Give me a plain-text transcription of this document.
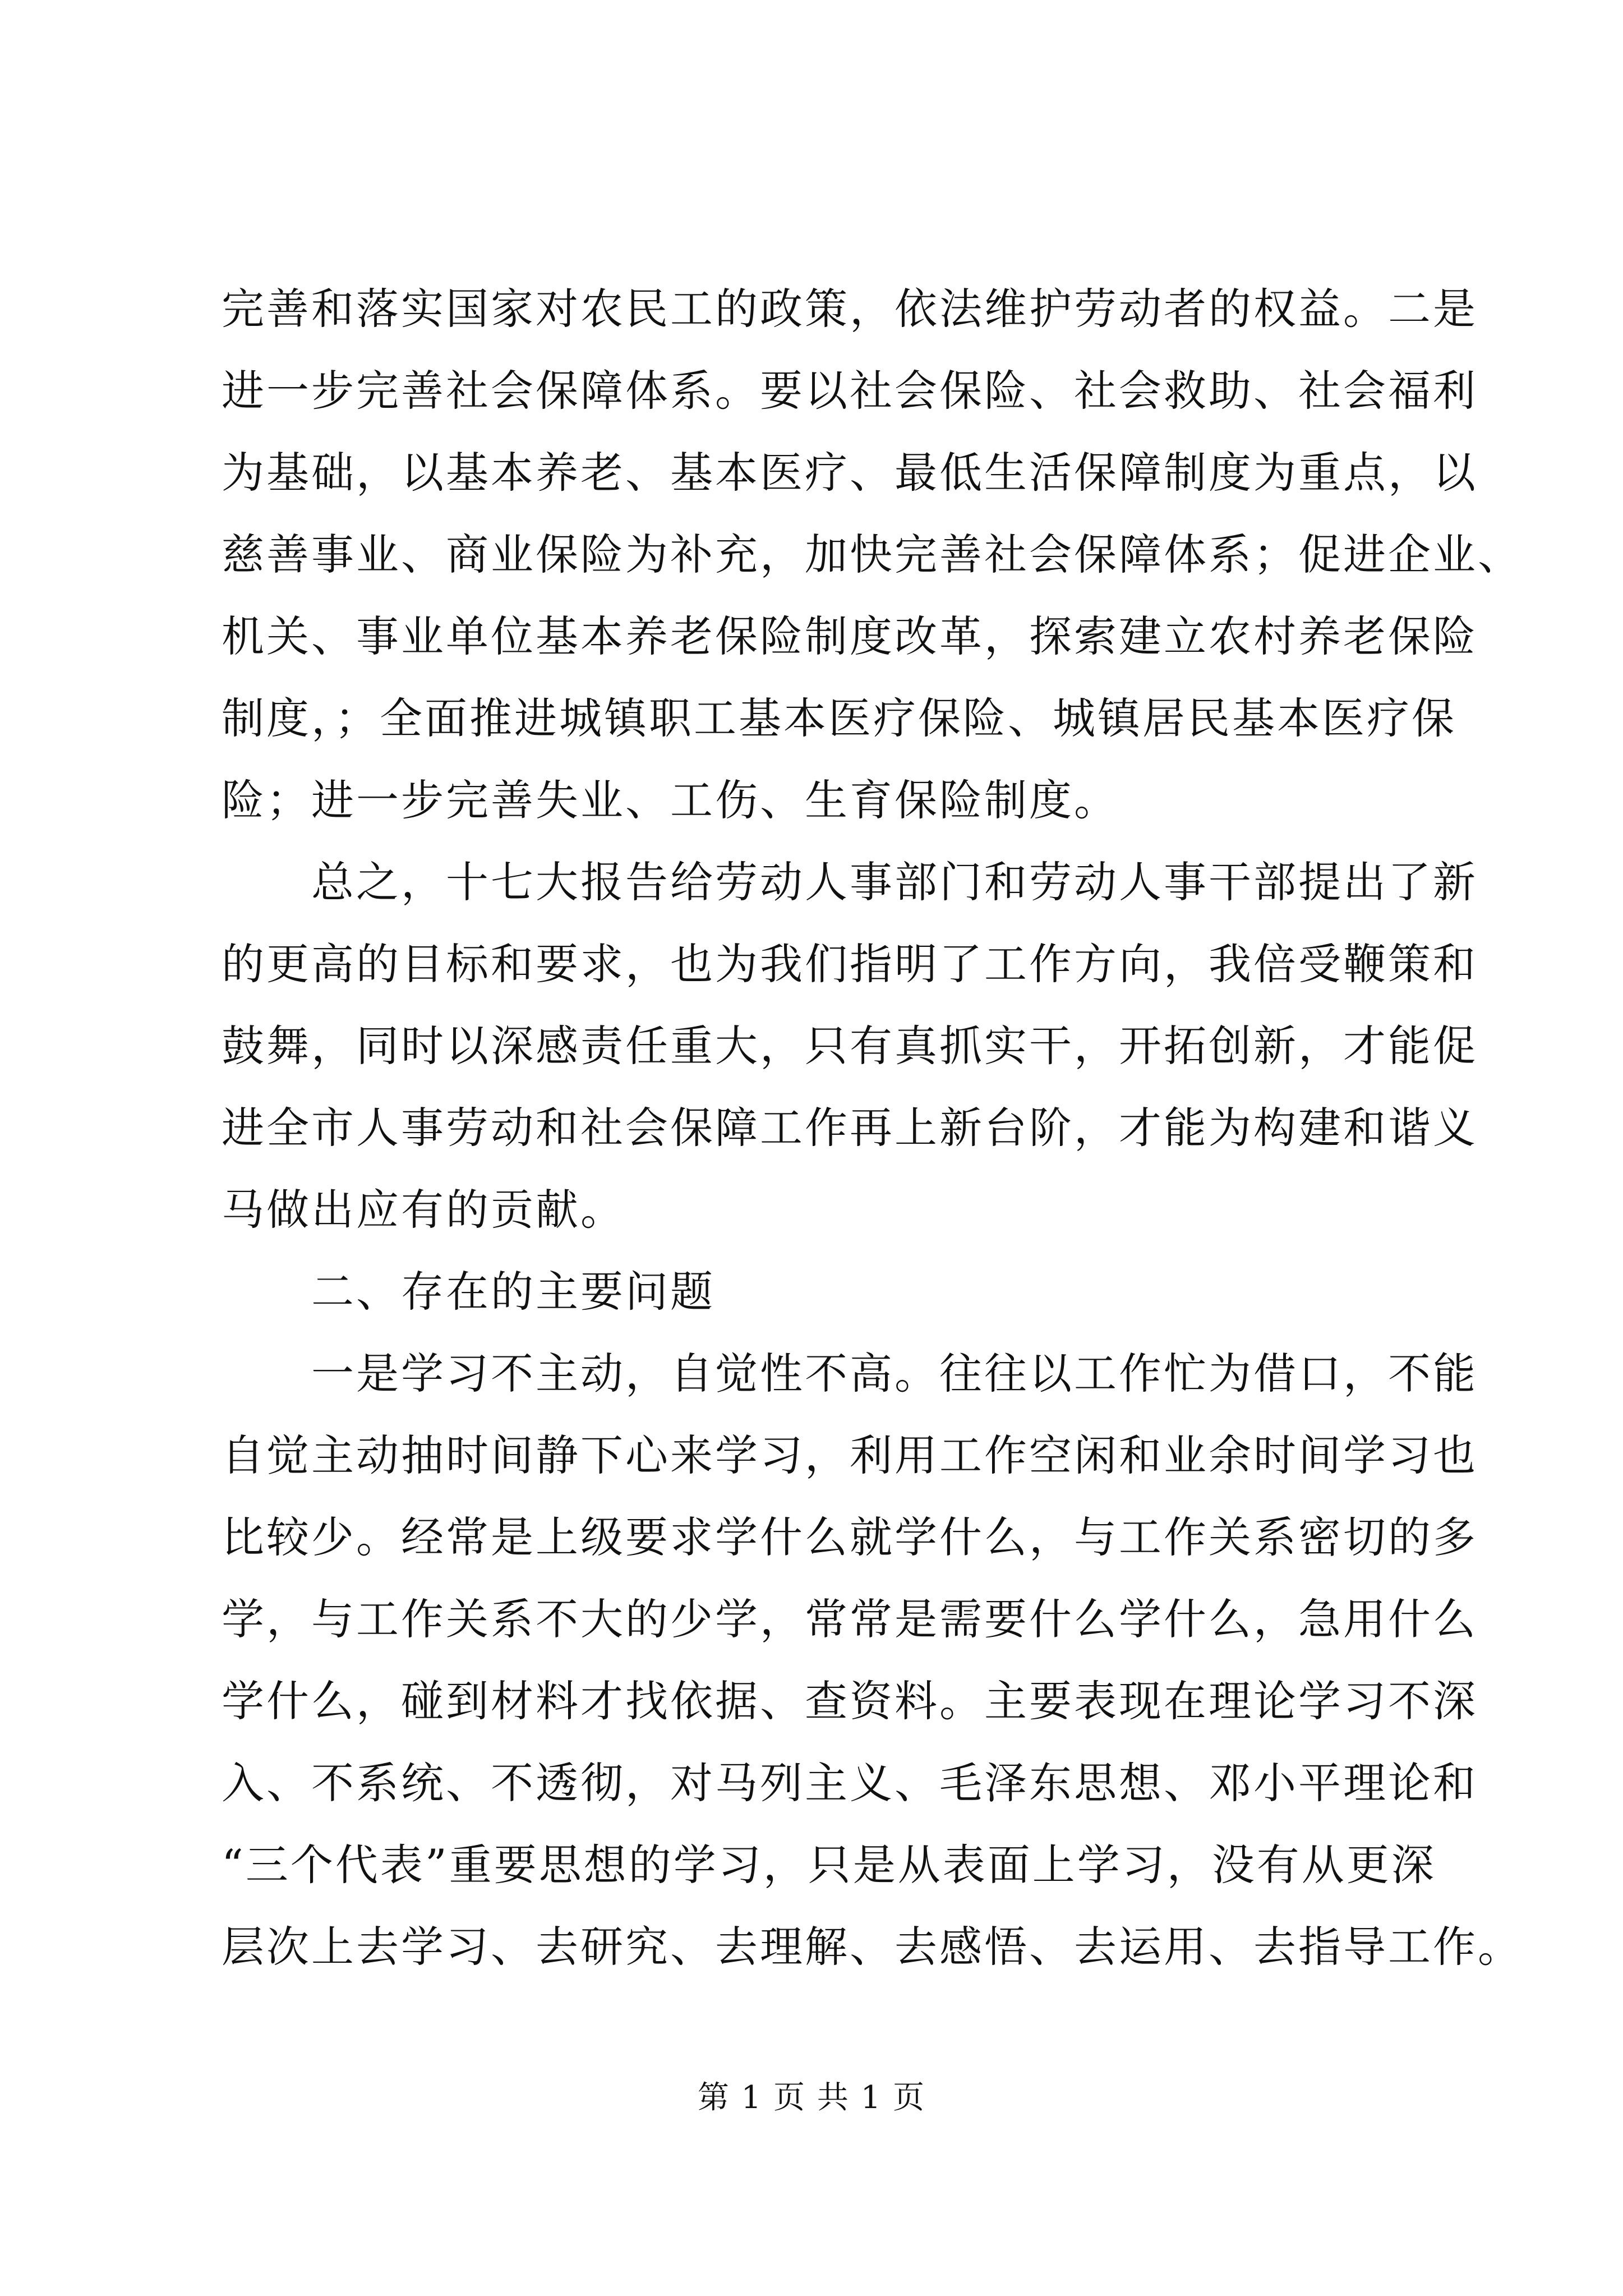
完善和落实国家对农民工的政策，依法维护劳动者的权益。二是
进一步完善社会保障体系。要以社会保险、社会救助、社会福利
为基础，以基本养老、基本医疗、最低生活保障制度为重点，以
慈善事业、商业保险为补充，加快完善社会保障体系；促进企业、
机关、事业单位基本养老保险制度改革，探索建立农村养老保险
制度，；全面推进城镇职工基本医疗保险、城镇居民基本医疗保
险；进一步完善失业、工伤、生育保险制度。
　　总之，十七大报告给劳动人事部门和劳动人事干部提出了新
的更高的目标和要求，也为我们指明了工作方向，我倍受鞭策和
鼓舞，同时以深感责任重大，只有真抓实干，开拓创新，才能促
进全市人事劳动和社会保障工作再上新台阶，才能为构建和谐义
马做出应有的贡献。
　　二、存在的主要问题
　　一是学习不主动，自觉性不高。往往以工作忙为借口，不能
自觉主动抽时间静下心来学习，利用工作空闲和业余时间学习也
比较少。经常是上级要求学什么就学什么，与工作关系密切的多
学，与工作关系不大的少学，常常是需要什么学什么，急用什么
学什么，碰到材料才找依据、查资料。主要表现在理论学习不深
入、不系统、不透彻，对马列主义、毛泽东思想、邓小平理论和
“三个代表”重要思想的学习，只是从表面上学习，没有从更深
层次上去学习、去研究、去理解、去感悟、去运用、去指导工作。
第 1 页 共 1 页
